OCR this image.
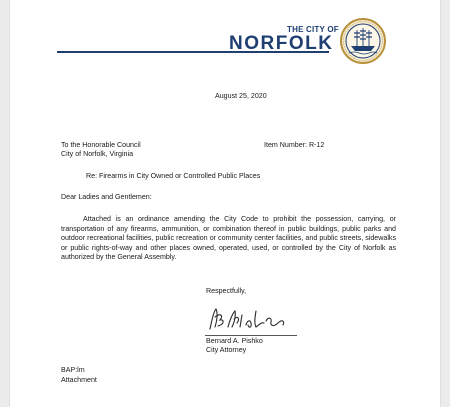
THE CITY OF
NORFOLK
August 25, 2020
To the Honorable Council
City of Norfolk, Virginia
Item Number: R-12
Re: Firearms in City Owned or Controlled Public Places
Dear Ladies and Gentlemen:
Attached is an ordinance amending the City Code to prohibit the possession, carrying, or transportation of any firearms, ammunition, or combination thereof in public buildings, public parks and outdoor recreational facilities, public recreation or community center facilities, and public streets, sidewalks or public rights-of-way and other places owned, operated, used, or controlled by the City of Norfolk as authorized by the General Assembly.
Respectfully,
Bernard A. Pishko
City Attorney
BAP:lm
Attachment
